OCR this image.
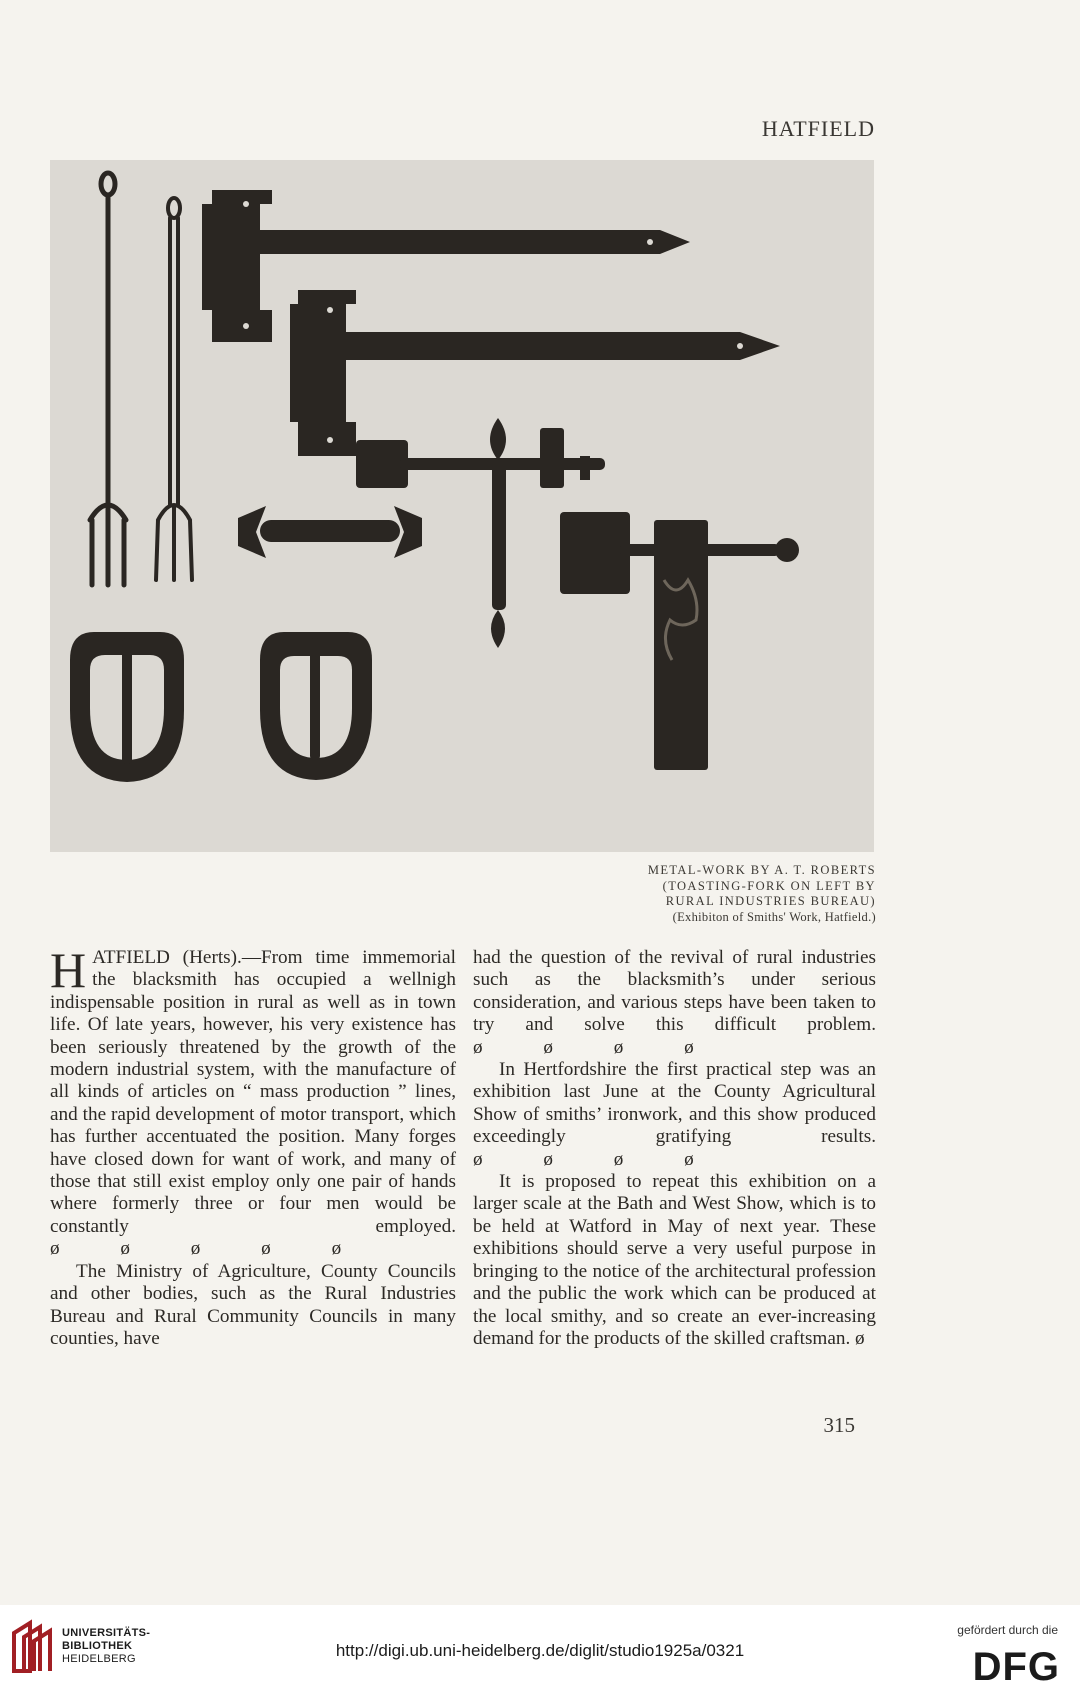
HATFIELD
METAL-WORK BY A. T. ROBERTS
(TOASTING-FORK ON LEFT BY
RURAL INDUSTRIES BUREAU)
(Exhibiton of Smiths' Work, Hatfield.)

HATFIELD (Herts).—From time immemorial the blacksmith has occupied a wellnigh indispensable position in rural as well as in town life. Of late years, however, his very existence has been seriously threatened by the growth of the modern industrial system, with the manufacture of all kinds of articles on “ mass production ” lines, and the rapid development of motor transport, which has further accentuated the position. Many forges have closed down for want of work, and many of those that still exist employ only one pair of hands where formerly three or four men would be constantly employed. ø ø ø ø ø

The Ministry of Agriculture, County Councils and other bodies, such as the Rural Industries Bureau and Rural Community Councils in many counties, have

had the question of the revival of rural industries such as the blacksmith’s under serious consideration, and various steps have been taken to try and solve this difficult problem. ø ø ø ø

In Hertfordshire the first practical step was an exhibition last June at the County Agricultural Show of smiths’ ironwork, and this show produced exceedingly gratifying results. ø ø ø ø

It is proposed to repeat this exhibition on a larger scale at the Bath and West Show, which is to be held at Watford in May of next year. These exhibitions should serve a very useful purpose in bringing to the notice of the architectural profession and the public the work which can be produced at the local smithy, and so create an ever-increasing demand for the products of the skilled craftsman. ø

315
UNIVERSITÄTS-
BIBLIOTHEK
HEIDELBERG	http://digi.ub.uni-heidelberg.de/diglit/studio1925a/0321
gefördert durch die
DFG
